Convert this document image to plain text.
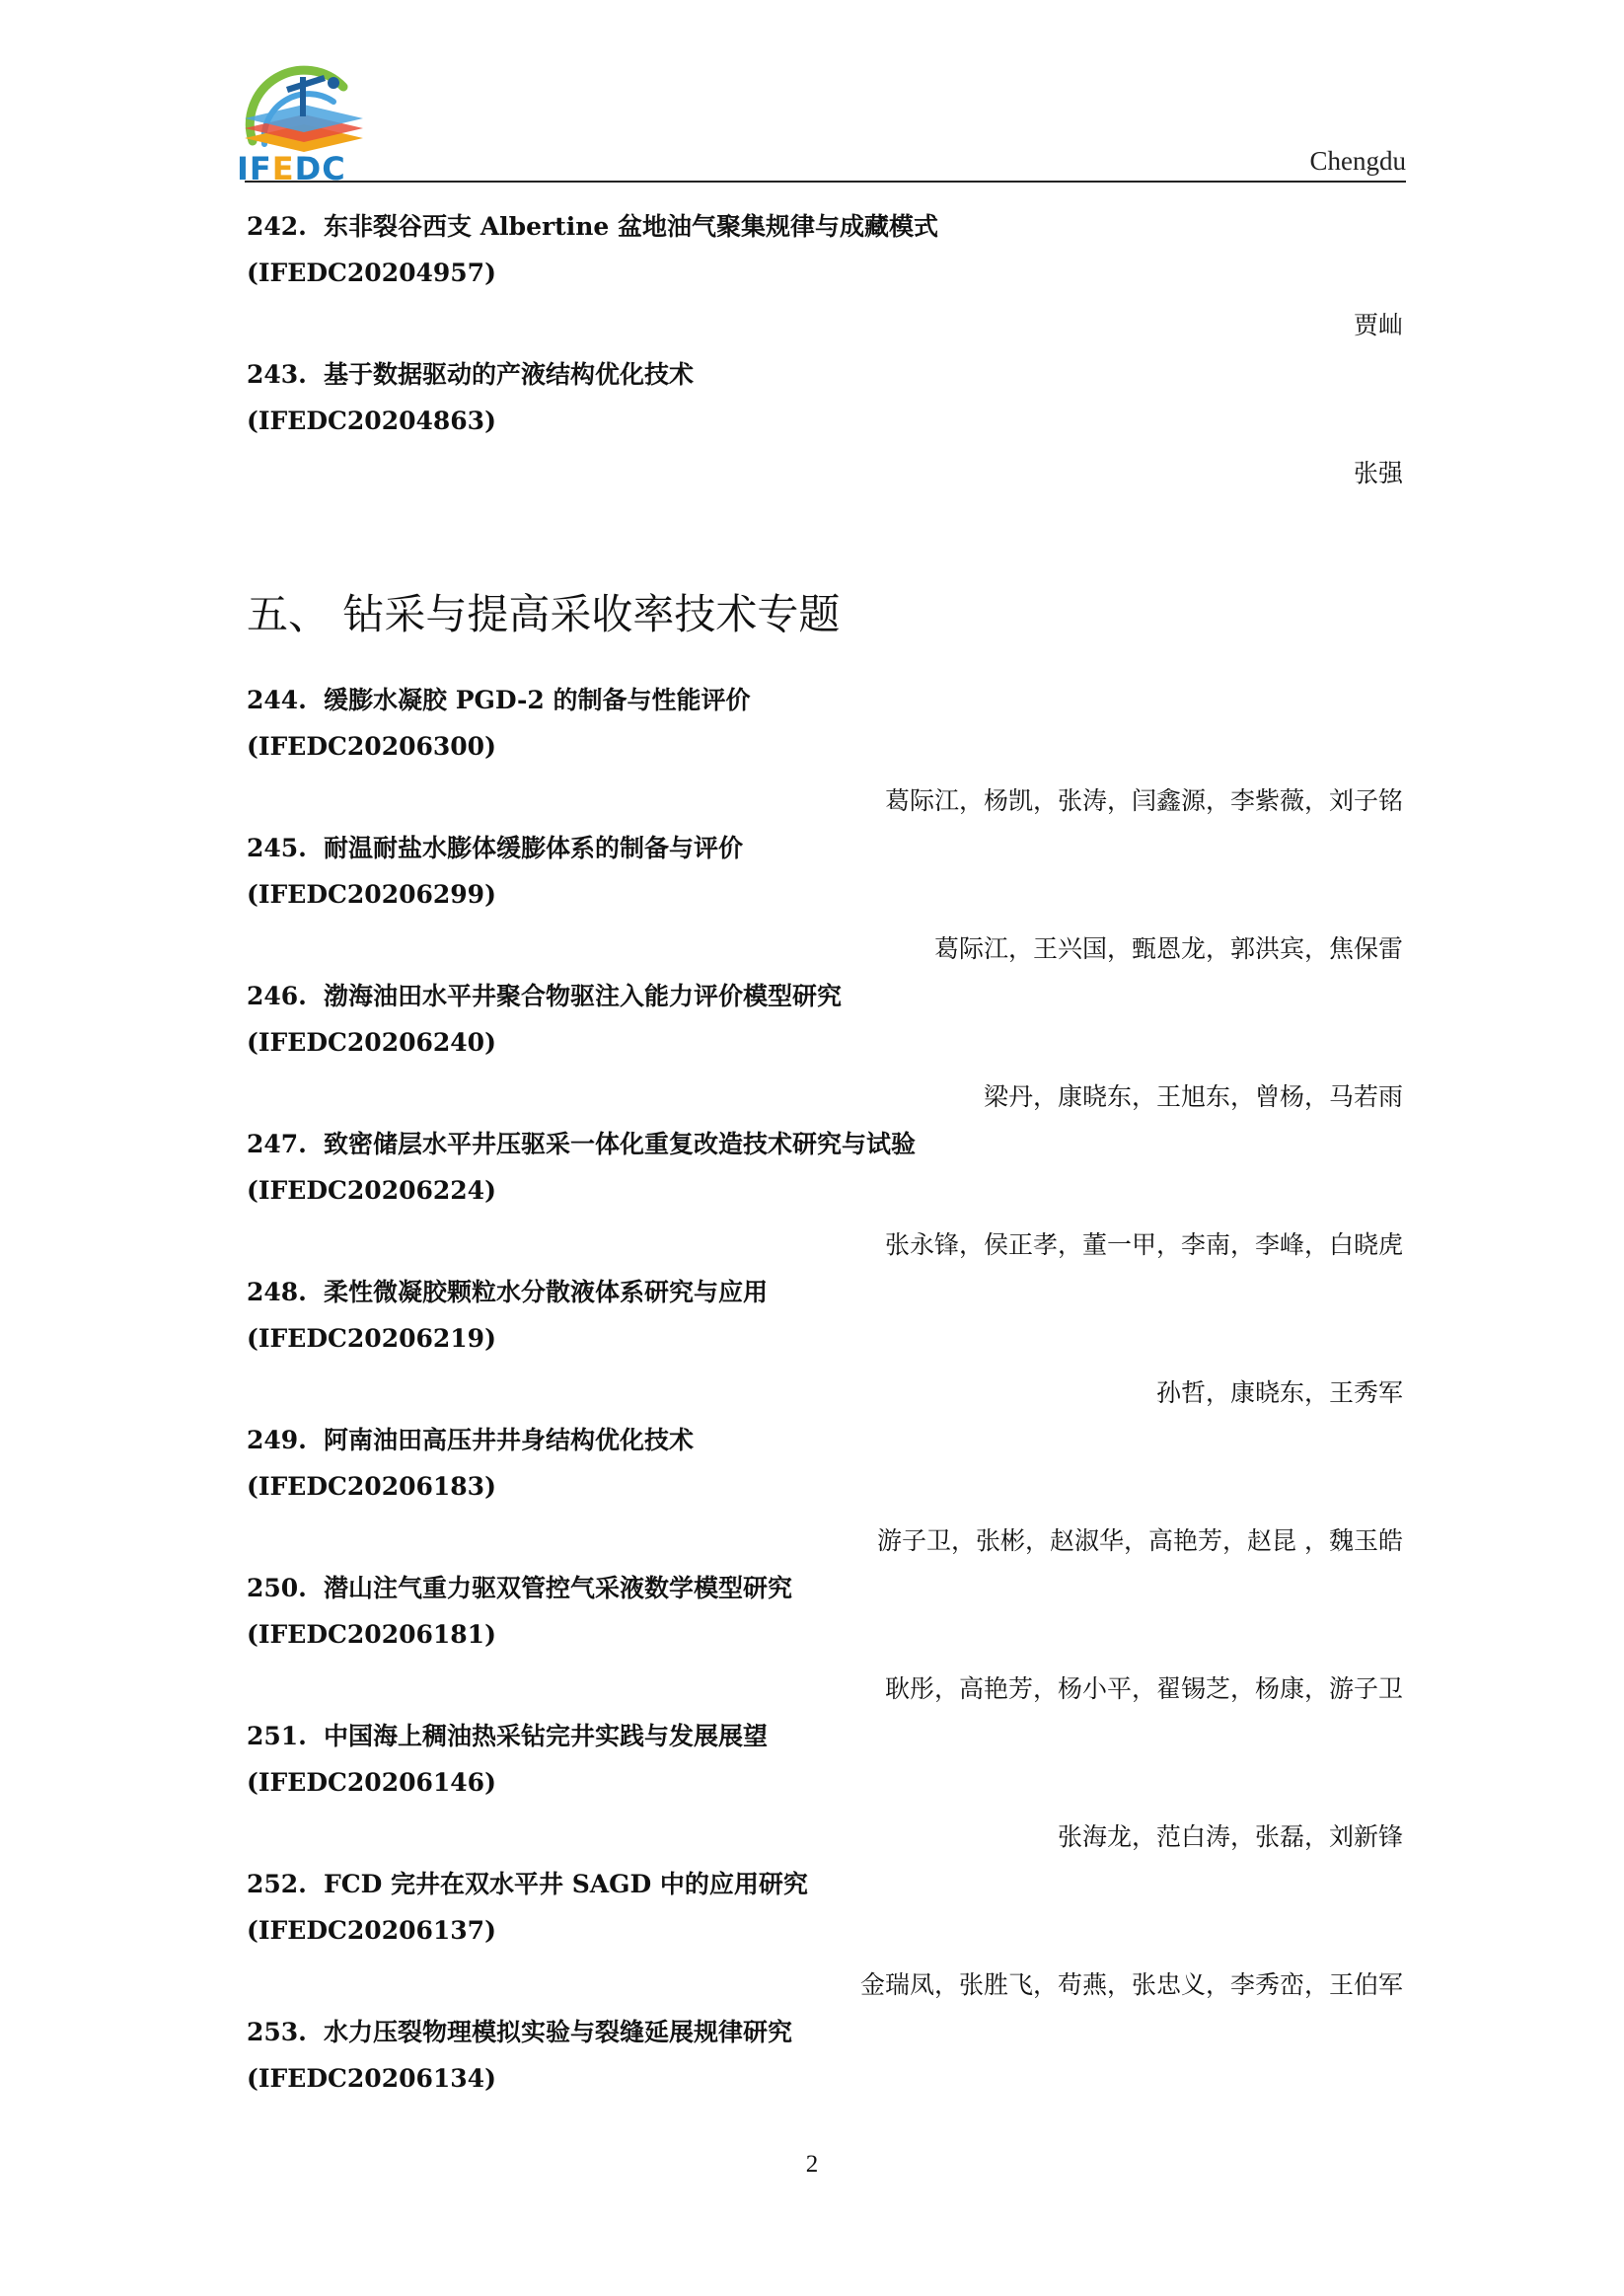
IFEDC	Chengdu
242. 东非裂谷西支 Albertine 盆地油气聚集规律与成藏模式
(IFEDC20204957)
贾屾
243. 基于数据驱动的产液结构优化技术
(IFEDC20204863)
张强
五、 钻采与提高采收率技术专题
244. 缓膨水凝胶 PGD-2 的制备与性能评价
(IFEDC20206300)
葛际江，杨凯，张涛，闫鑫源，李紫薇，刘子铭
245. 耐温耐盐水膨体缓膨体系的制备与评价
(IFEDC20206299)
葛际江，王兴国，甄恩龙，郭洪宾，焦保雷
246. 渤海油田水平井聚合物驱注入能力评价模型研究
(IFEDC20206240)
梁丹，康晓东，王旭东，曾杨，马若雨
247. 致密储层水平井压驱采一体化重复改造技术研究与试验
(IFEDC20206224)
张永锋，侯正孝，董一甲，李南，李峰，白晓虎
248. 柔性微凝胶颗粒水分散液体系研究与应用
(IFEDC20206219)
孙哲，康晓东，王秀军
249. 阿南油田高压井井身结构优化技术
(IFEDC20206183)
游子卫，张彬，赵淑华，高艳芳，赵昆 ，魏玉皓
250. 潜山注气重力驱双管控气采液数学模型研究
(IFEDC20206181)
耿彤，高艳芳，杨小平，翟锡芝，杨康，游子卫
251. 中国海上稠油热采钻完井实践与发展展望
(IFEDC20206146)
张海龙，范白涛，张磊，刘新锋
252. FCD 完井在双水平井 SAGD 中的应用研究
(IFEDC20206137)
金瑞凤，张胜飞，苟燕，张忠义，李秀峦，王伯军
253. 水力压裂物理模拟实验与裂缝延展规律研究
(IFEDC20206134)
2
